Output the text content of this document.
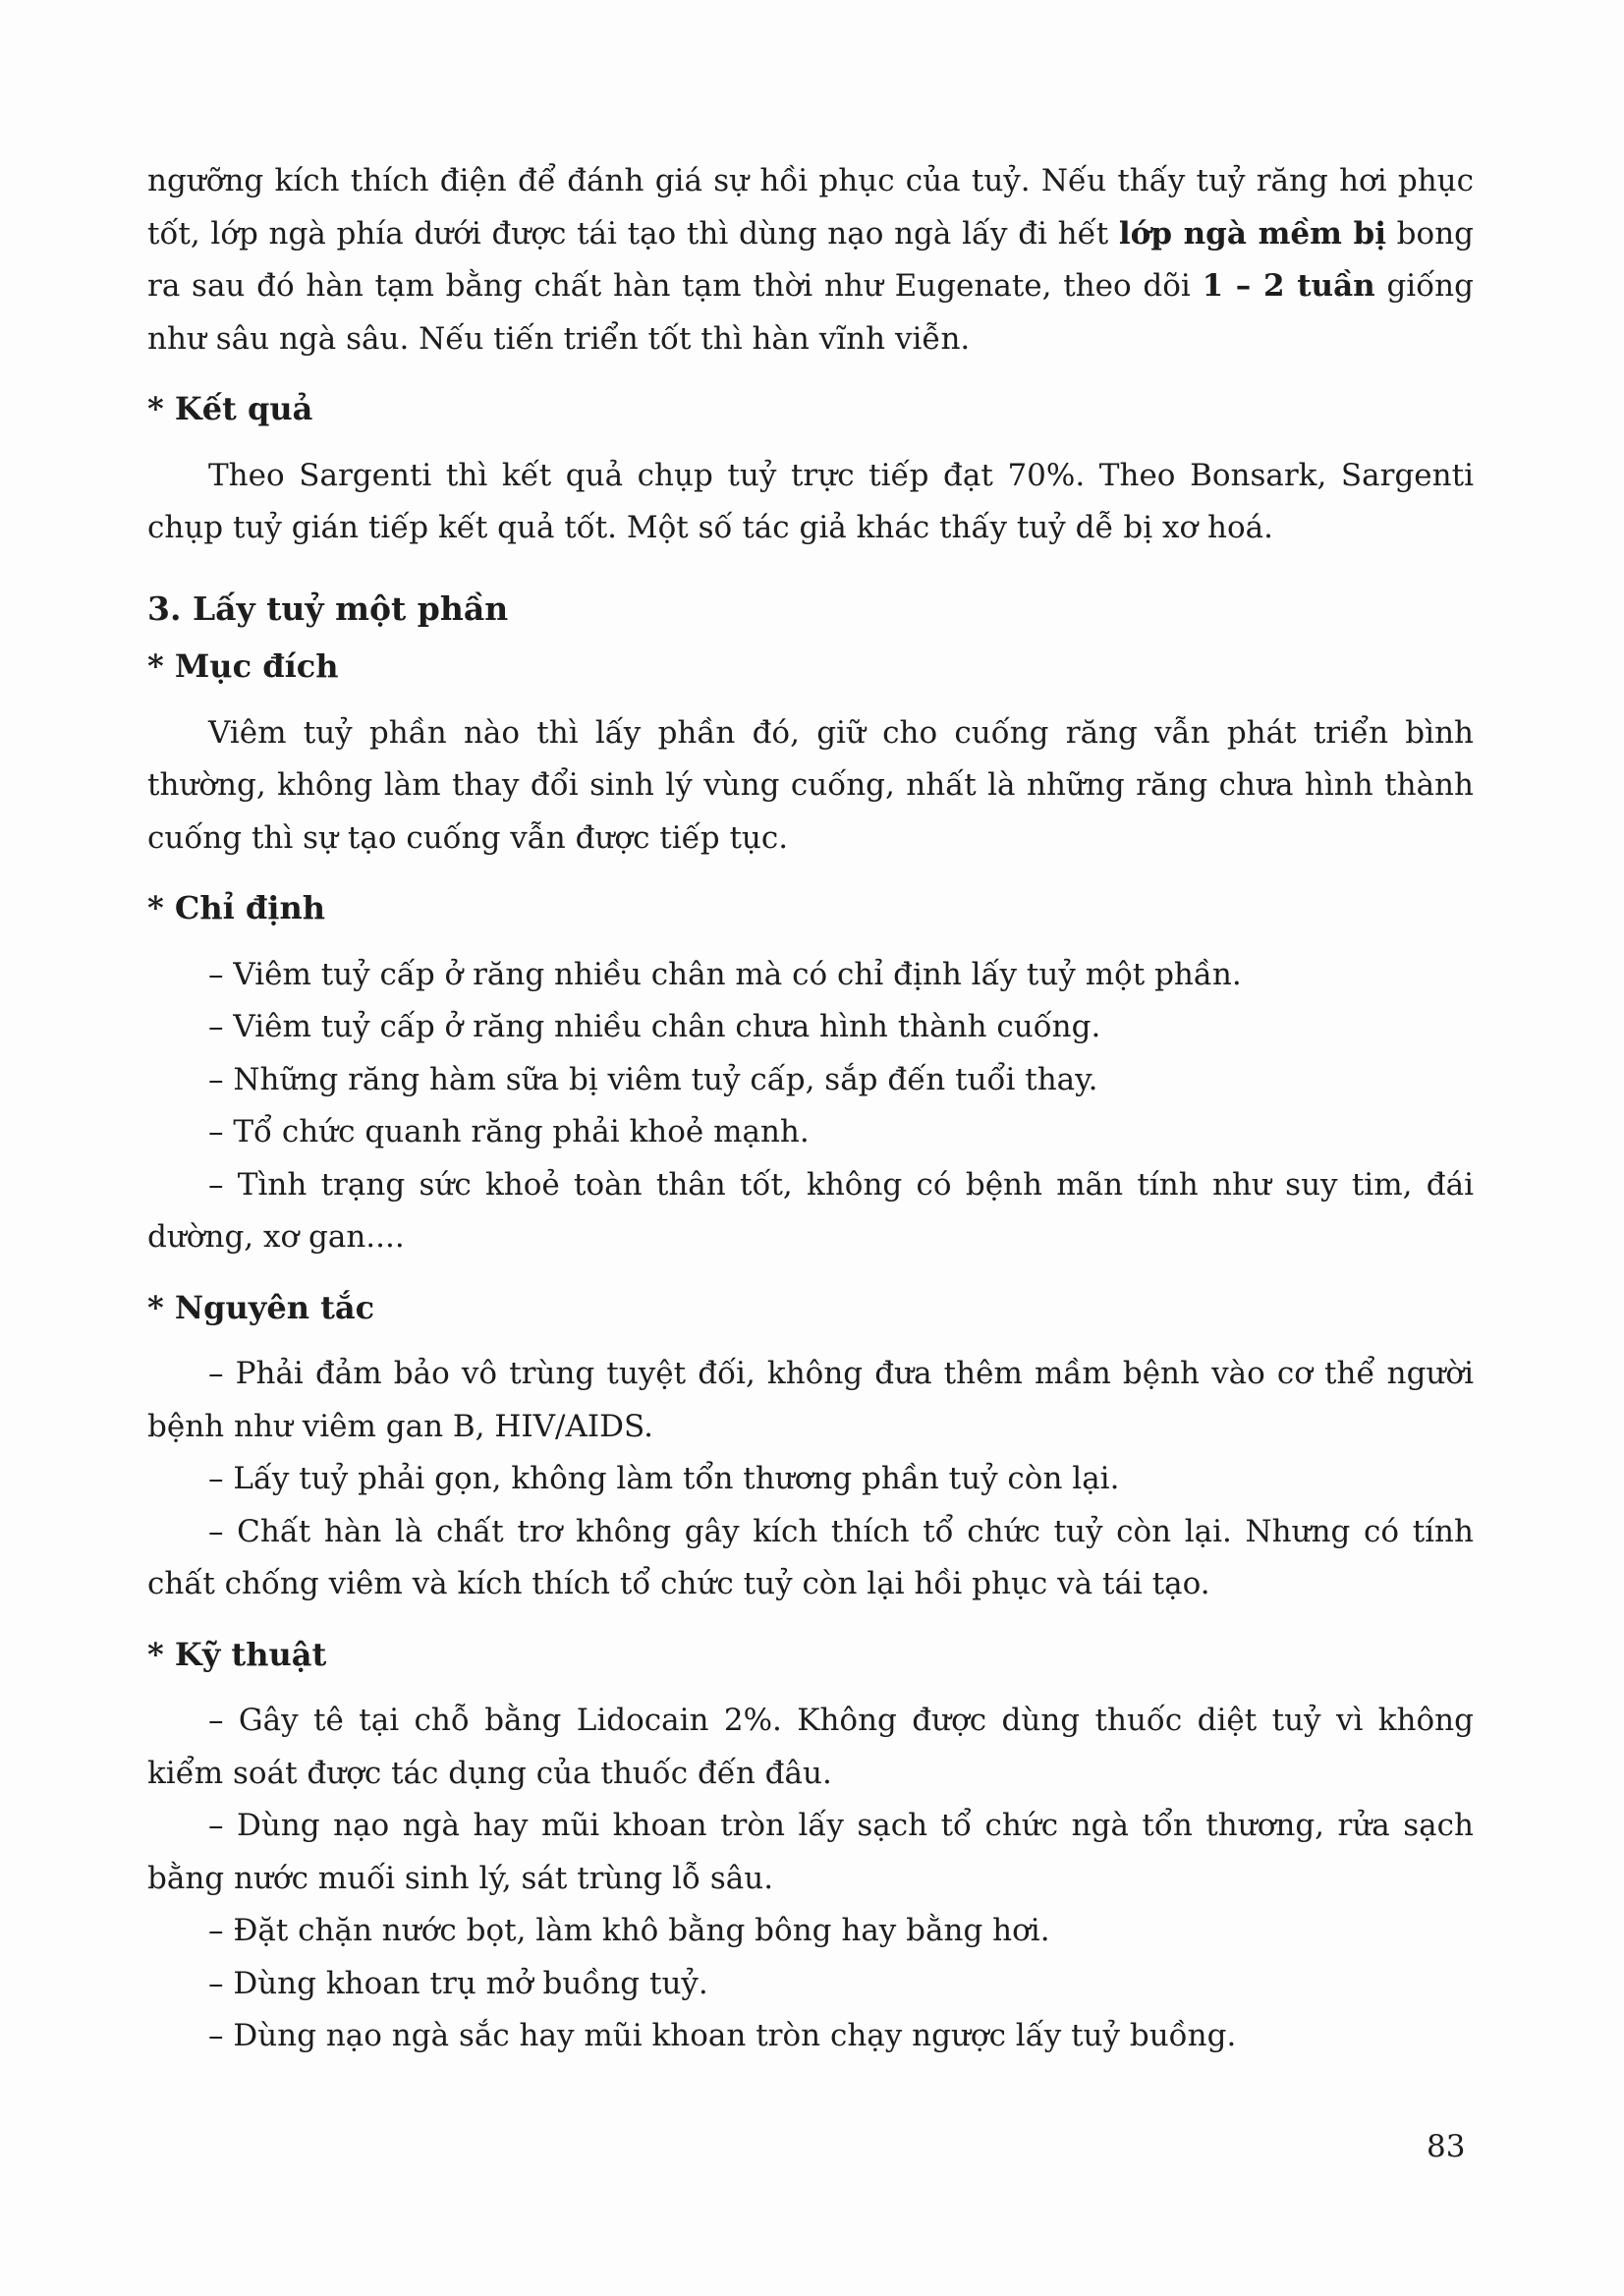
ngưỡng kích thích điện để đánh giá sự hồi phục của tuỷ. Nếu thấy tuỷ răng hơi phục tốt, lớp ngà phía dưới được tái tạo thì dùng nạo ngà lấy đi hết lớp ngà mềm bị bong ra sau đó hàn tạm bằng chất hàn tạm thời như Eugenate, theo dõi 1 – 2 tuần giống như sâu ngà sâu. Nếu tiến triển tốt thì hàn vĩnh viễn.

* Kết quả

Theo Sargenti thì kết quả chụp tuỷ trực tiếp đạt 70%. Theo Bonsark, Sargenti chụp tuỷ gián tiếp kết quả tốt. Một số tác giả khác thấy tuỷ dễ bị xơ hoá.

3. Lấy tuỷ một phần
* Mục đích

Viêm tuỷ phần nào thì lấy phần đó, giữ cho cuống răng vẫn phát triển bình thường, không làm thay đổi sinh lý vùng cuống, nhất là những răng chưa hình thành cuống thì sự tạo cuống vẫn được tiếp tục.

* Chỉ định

– Viêm tuỷ cấp ở răng nhiều chân mà có chỉ định lấy tuỷ một phần.

– Viêm tuỷ cấp ở răng nhiều chân chưa hình thành cuống.

– Những răng hàm sữa bị viêm tuỷ cấp, sắp đến tuổi thay.

– Tổ chức quanh răng phải khoẻ mạnh.

– Tình trạng sức khoẻ toàn thân tốt, không có bệnh mãn tính như suy tim, đái dường, xơ gan....

* Nguyên tắc

– Phải đảm bảo vô trùng tuyệt đối, không đưa thêm mầm bệnh vào cơ thể người bệnh như viêm gan B, HIV/AIDS.

– Lấy tuỷ phải gọn, không làm tổn thương phần tuỷ còn lại.

– Chất hàn là chất trơ không gây kích thích tổ chức tuỷ còn lại. Nhưng có tính chất chống viêm và kích thích tổ chức tuỷ còn lại hồi phục và tái tạo.

* Kỹ thuật

– Gây tê tại chỗ bằng Lidocain 2%. Không được dùng thuốc diệt tuỷ vì không kiểm soát được tác dụng của thuốc đến đâu.

– Dùng nạo ngà hay mũi khoan tròn lấy sạch tổ chức ngà tổn thương, rửa sạch bằng nước muối sinh lý, sát trùng lỗ sâu.

– Đặt chặn nước bọt, làm khô bằng bông hay bằng hơi.

– Dùng khoan trụ mở buồng tuỷ.

– Dùng nạo ngà sắc hay mũi khoan tròn chạy ngược lấy tuỷ buồng.

83
